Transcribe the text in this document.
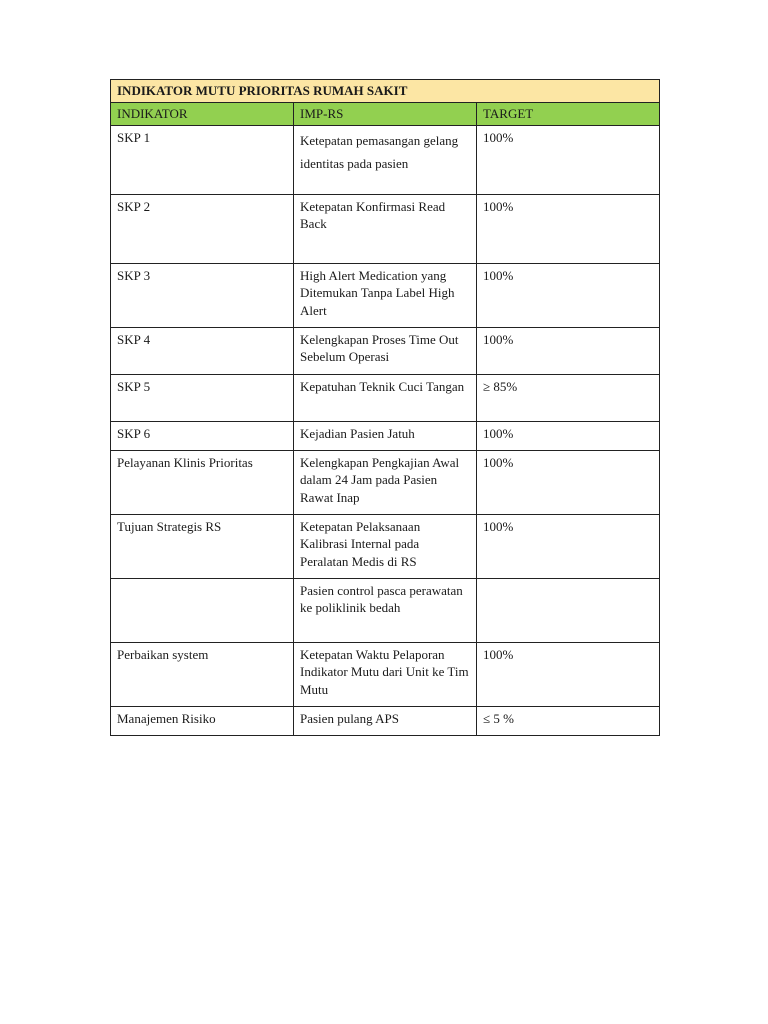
INDIKATOR MUTU PRIORITAS RUMAH SAKIT		
INDIKATOR	IMP-RS	TARGET
SKP 1	Ketepatan pemasangan gelang identitas pada pasien	100%
SKP 2	Ketepatan Konfirmasi Read Back	100%
SKP 3	High Alert Medication yang Ditemukan Tanpa Label High Alert	100%
SKP 4	Kelengkapan Proses Time Out Sebelum Operasi	100%
SKP 5	Kepatuhan Teknik Cuci Tangan	≥ 85%
SKP 6	Kejadian Pasien Jatuh	100%
Pelayanan Klinis Prioritas	Kelengkapan Pengkajian Awal dalam 24 Jam pada Pasien Rawat Inap	100%
Tujuan Strategis RS	Ketepatan Pelaksanaan Kalibrasi Internal pada Peralatan Medis di RS	100%
	Pasien control pasca perawatan ke poliklinik bedah	
Perbaikan system	Ketepatan Waktu Pelaporan Indikator Mutu dari Unit ke Tim Mutu	100%
Manajemen Risiko	Pasien pulang APS	≤ 5 %
